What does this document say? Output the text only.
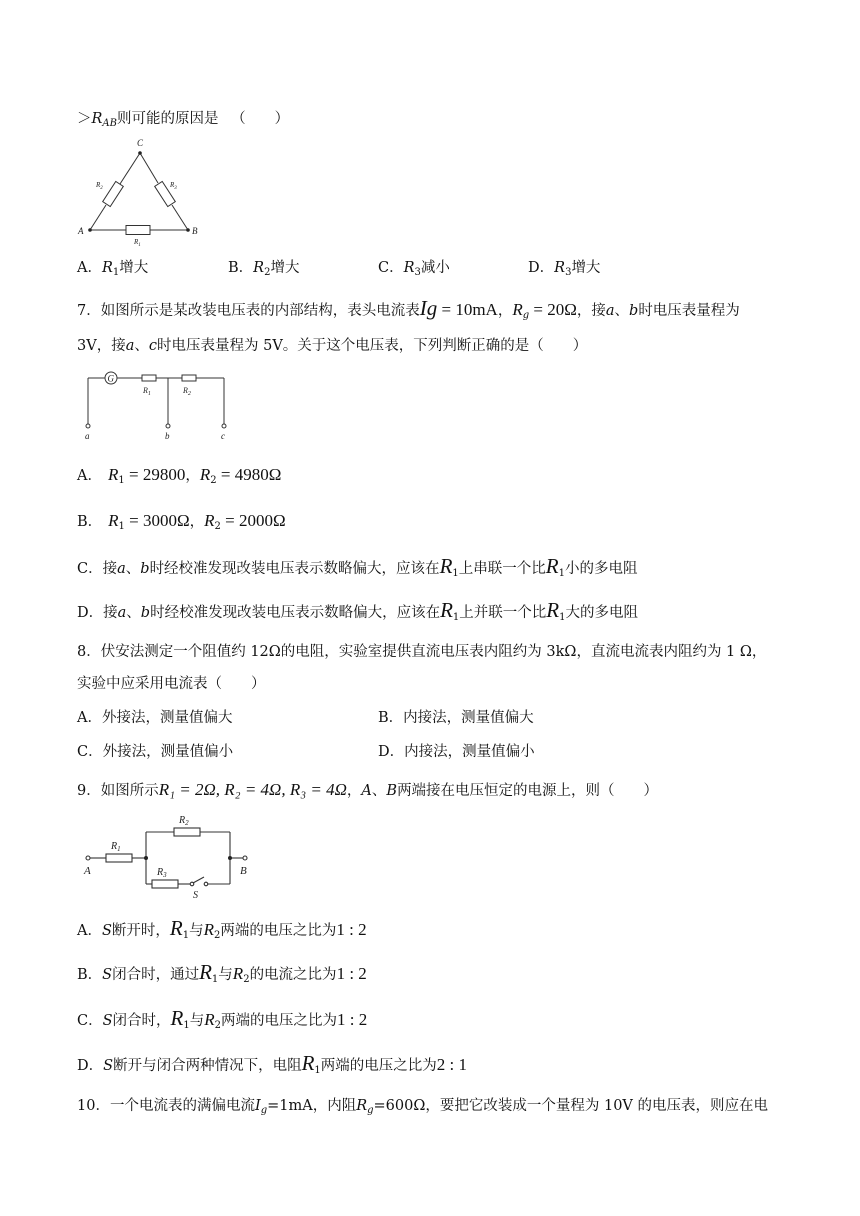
$>R_{AB}$则可能的原因是 （　　）
C
A	B
$R_2$	$R_3$
$R_1$
A．$R_1$增大	B．$R_2$增大	C．$R_3$减小	D．$R_3$增大
7．如图所示是某改装电压表的内部结构，表头电流表Ig = 10mA，$R_g = 20\Omega$，接a、b时电压表量程为
3V，接a、c时电压表量程为 5V。关于这个电压表，下列判断正确的是（　　）
G
$R_1$	$R_2$
a	b	c
A． $R_1 = 29800$，$R_2 = 4980\Omega$
B． $R_1 = 3000\Omega$，$R_2 = 2000\Omega$
C．接a、b时经校准发现改装电压表示数略偏大，应该在$R_1$上串联一个比$R_1$小的多电阻
D．接a、b时经校准发现改装电压表示数略偏大，应该在$R_1$上并联一个比$R_1$大的多电阻
8．伏安法测定一个阻值约 12Ω的电阻，实验室提供直流电压表内阻约为 3kΩ，直流电流表内阻约为 1 Ω，
实验中应采用电流表（　　）
A．外接法，测量值偏大	B．内接法，测量值偏大
C．外接法，测量值偏小	D．内接法，测量值偏小
9．如图所示R₁ = 2Ω, R₂ = 4Ω, R₃ = 4Ω，A、B两端接在电压恒定的电源上，则（　　）
$R_2$
$R_1$
$R_3$
A	B
S
A．S断开时，$R_1$与$R_2$两端的电压之比为1 : 2
B．S闭合时，通过$R_1$与$R_2$的电流之比为1 : 2
C．S闭合时，$R_1$与$R_2$两端的电压之比为1 : 2
D．S断开与闭合两种情况下，电阻$R_1$两端的电压之比为2 : 1
10．一个电流表的满偏电流$I_g=1mA$，内阻$R_g=600\Omega$，要把它改装成一个量程为 10V 的电压表，则应在电
